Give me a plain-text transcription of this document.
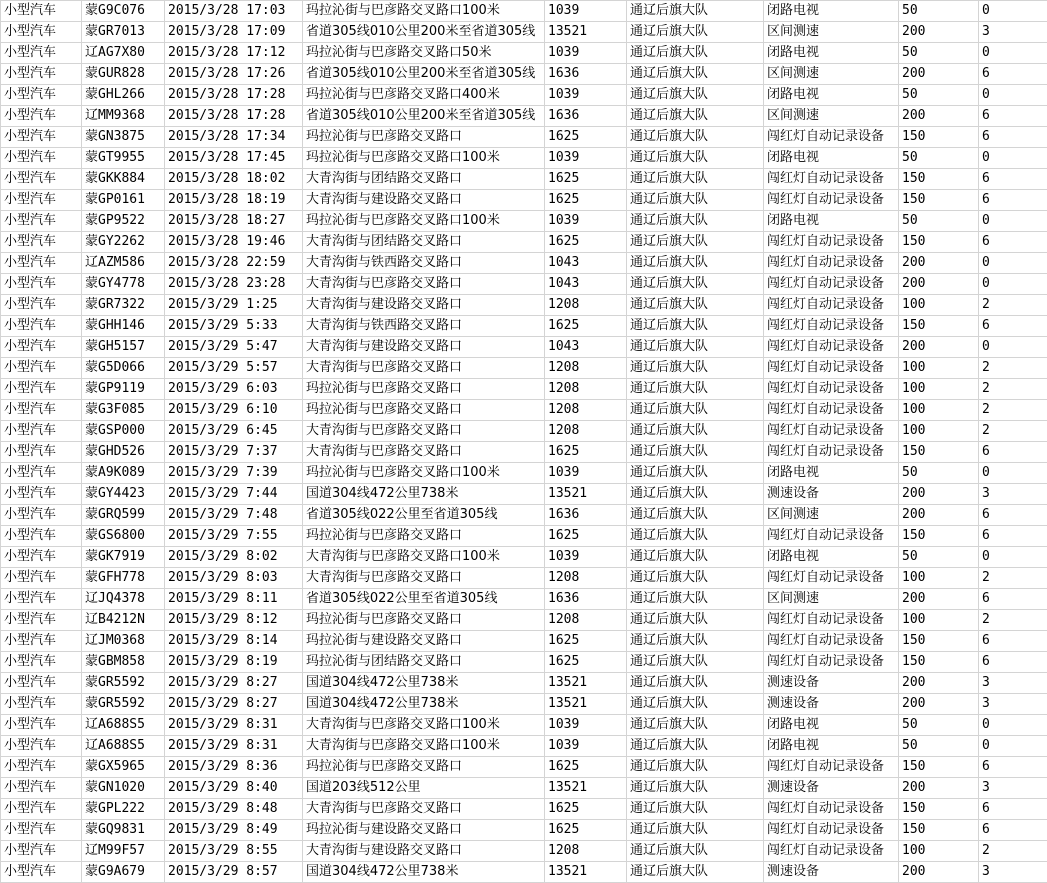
小型汽车	蒙G9C076	2015/3/28 17:03	玛拉沁街与巴彦路交叉路口100米	1039	通辽后旗大队	闭路电视	50	0
小型汽车	蒙GR7013	2015/3/28 17:09	省道305线010公里200米至省道305线	13521	通辽后旗大队	区间测速	200	3
小型汽车	辽AG7X80	2015/3/28 17:12	玛拉沁街与巴彦路交叉路口50米	1039	通辽后旗大队	闭路电视	50	0
小型汽车	蒙GUR828	2015/3/28 17:26	省道305线010公里200米至省道305线	1636	通辽后旗大队	区间测速	200	6
小型汽车	蒙GHL266	2015/3/28 17:28	玛拉沁街与巴彦路交叉路口400米	1039	通辽后旗大队	闭路电视	50	0
小型汽车	辽MM9368	2015/3/28 17:28	省道305线010公里200米至省道305线	1636	通辽后旗大队	区间测速	200	6
小型汽车	蒙GN3875	2015/3/28 17:34	玛拉沁街与巴彦路交叉路口	1625	通辽后旗大队	闯红灯自动记录设备	150	6
小型汽车	蒙GT9955	2015/3/28 17:45	玛拉沁街与巴彦路交叉路口100米	1039	通辽后旗大队	闭路电视	50	0
小型汽车	蒙GKK884	2015/3/28 18:02	大青沟街与团结路交叉路口	1625	通辽后旗大队	闯红灯自动记录设备	150	6
小型汽车	蒙GP0161	2015/3/28 18:19	大青沟街与建设路交叉路口	1625	通辽后旗大队	闯红灯自动记录设备	150	6
小型汽车	蒙GP9522	2015/3/28 18:27	玛拉沁街与巴彦路交叉路口100米	1039	通辽后旗大队	闭路电视	50	0
小型汽车	蒙GY2262	2015/3/28 19:46	大青沟街与团结路交叉路口	1625	通辽后旗大队	闯红灯自动记录设备	150	6
小型汽车	辽AZM586	2015/3/28 22:59	大青沟街与铁西路交叉路口	1043	通辽后旗大队	闯红灯自动记录设备	200	0
小型汽车	蒙GY4778	2015/3/28 23:28	大青沟街与巴彦路交叉路口	1043	通辽后旗大队	闯红灯自动记录设备	200	0
小型汽车	蒙GR7322	2015/3/29 1:25	大青沟街与建设路交叉路口	1208	通辽后旗大队	闯红灯自动记录设备	100	2
小型汽车	蒙GHH146	2015/3/29 5:33	大青沟街与铁西路交叉路口	1625	通辽后旗大队	闯红灯自动记录设备	150	6
小型汽车	蒙GH5157	2015/3/29 5:47	大青沟街与建设路交叉路口	1043	通辽后旗大队	闯红灯自动记录设备	200	0
小型汽车	蒙G5D066	2015/3/29 5:57	大青沟街与巴彦路交叉路口	1208	通辽后旗大队	闯红灯自动记录设备	100	2
小型汽车	蒙GP9119	2015/3/29 6:03	玛拉沁街与巴彦路交叉路口	1208	通辽后旗大队	闯红灯自动记录设备	100	2
小型汽车	蒙G3F085	2015/3/29 6:10	玛拉沁街与巴彦路交叉路口	1208	通辽后旗大队	闯红灯自动记录设备	100	2
小型汽车	蒙GSP000	2015/3/29 6:45	大青沟街与巴彦路交叉路口	1208	通辽后旗大队	闯红灯自动记录设备	100	2
小型汽车	蒙GHD526	2015/3/29 7:37	大青沟街与巴彦路交叉路口	1625	通辽后旗大队	闯红灯自动记录设备	150	6
小型汽车	蒙A9K089	2015/3/29 7:39	玛拉沁街与巴彦路交叉路口100米	1039	通辽后旗大队	闭路电视	50	0
小型汽车	蒙GY4423	2015/3/29 7:44	国道304线472公里738米	13521	通辽后旗大队	测速设备	200	3
小型汽车	蒙GRQ599	2015/3/29 7:48	省道305线022公里至省道305线	1636	通辽后旗大队	区间测速	200	6
小型汽车	蒙GS6800	2015/3/29 7:55	玛拉沁街与巴彦路交叉路口	1625	通辽后旗大队	闯红灯自动记录设备	150	6
小型汽车	蒙GK7919	2015/3/29 8:02	大青沟街与巴彦路交叉路口100米	1039	通辽后旗大队	闭路电视	50	0
小型汽车	蒙GFH778	2015/3/29 8:03	大青沟街与巴彦路交叉路口	1208	通辽后旗大队	闯红灯自动记录设备	100	2
小型汽车	辽JQ4378	2015/3/29 8:11	省道305线022公里至省道305线	1636	通辽后旗大队	区间测速	200	6
小型汽车	辽B4212N	2015/3/29 8:12	玛拉沁街与巴彦路交叉路口	1208	通辽后旗大队	闯红灯自动记录设备	100	2
小型汽车	辽JM0368	2015/3/29 8:14	玛拉沁街与建设路交叉路口	1625	通辽后旗大队	闯红灯自动记录设备	150	6
小型汽车	蒙GBM858	2015/3/29 8:19	玛拉沁街与团结路交叉路口	1625	通辽后旗大队	闯红灯自动记录设备	150	6
小型汽车	蒙GR5592	2015/3/29 8:27	国道304线472公里738米	13521	通辽后旗大队	测速设备	200	3
小型汽车	蒙GR5592	2015/3/29 8:27	国道304线472公里738米	13521	通辽后旗大队	测速设备	200	3
小型汽车	辽A688S5	2015/3/29 8:31	大青沟街与巴彦路交叉路口100米	1039	通辽后旗大队	闭路电视	50	0
小型汽车	辽A688S5	2015/3/29 8:31	大青沟街与巴彦路交叉路口100米	1039	通辽后旗大队	闭路电视	50	0
小型汽车	蒙GX5965	2015/3/29 8:36	玛拉沁街与巴彦路交叉路口	1625	通辽后旗大队	闯红灯自动记录设备	150	6
小型汽车	蒙GN1020	2015/3/29 8:40	国道203线512公里	13521	通辽后旗大队	测速设备	200	3
小型汽车	蒙GPL222	2015/3/29 8:48	大青沟街与巴彦路交叉路口	1625	通辽后旗大队	闯红灯自动记录设备	150	6
小型汽车	蒙GQ9831	2015/3/29 8:49	玛拉沁街与建设路交叉路口	1625	通辽后旗大队	闯红灯自动记录设备	150	6
小型汽车	辽M99F57	2015/3/29 8:55	大青沟街与建设路交叉路口	1208	通辽后旗大队	闯红灯自动记录设备	100	2
小型汽车	蒙G9A679	2015/3/29 8:57	国道304线472公里738米	13521	通辽后旗大队	测速设备	200	3
